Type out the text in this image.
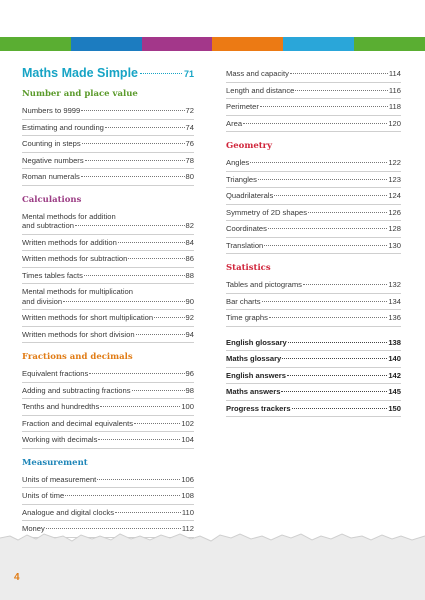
Maths Made Simple	71
Number and place value
Numbers to 9999	72
Estimating and rounding	74
Counting in steps	76
Negative numbers	78
Roman numerals	80
Calculations
Mental methods for addition
and subtraction	82
Written methods for addition	84
Written methods for subtraction	86
Times tables facts	88
Mental methods for multiplication
and division	90
Written methods for short multiplication	92
Written methods for short division	94
Fractions and decimals
Equivalent fractions	96
Adding and subtracting fractions	98
Tenths and hundredths	100
Fraction and decimal equivalents	102
Working with decimals	104
Measurement
Units of measurement	106
Units of time	108
Analogue and digital clocks	110
Money	112
Mass and capacity	114
Length and distance	116
Perimeter	118
Area	120
Geometry
Angles	122
Triangles	123
Quadrilaterals	124
Symmetry of 2D shapes	126
Coordinates	128
Translation	130
Statistics
Tables and pictograms	132
Bar charts	134
Time graphs	136
English glossary	138
Maths glossary	140
English answers	142
Maths answers	145
Progress trackers	150
4
